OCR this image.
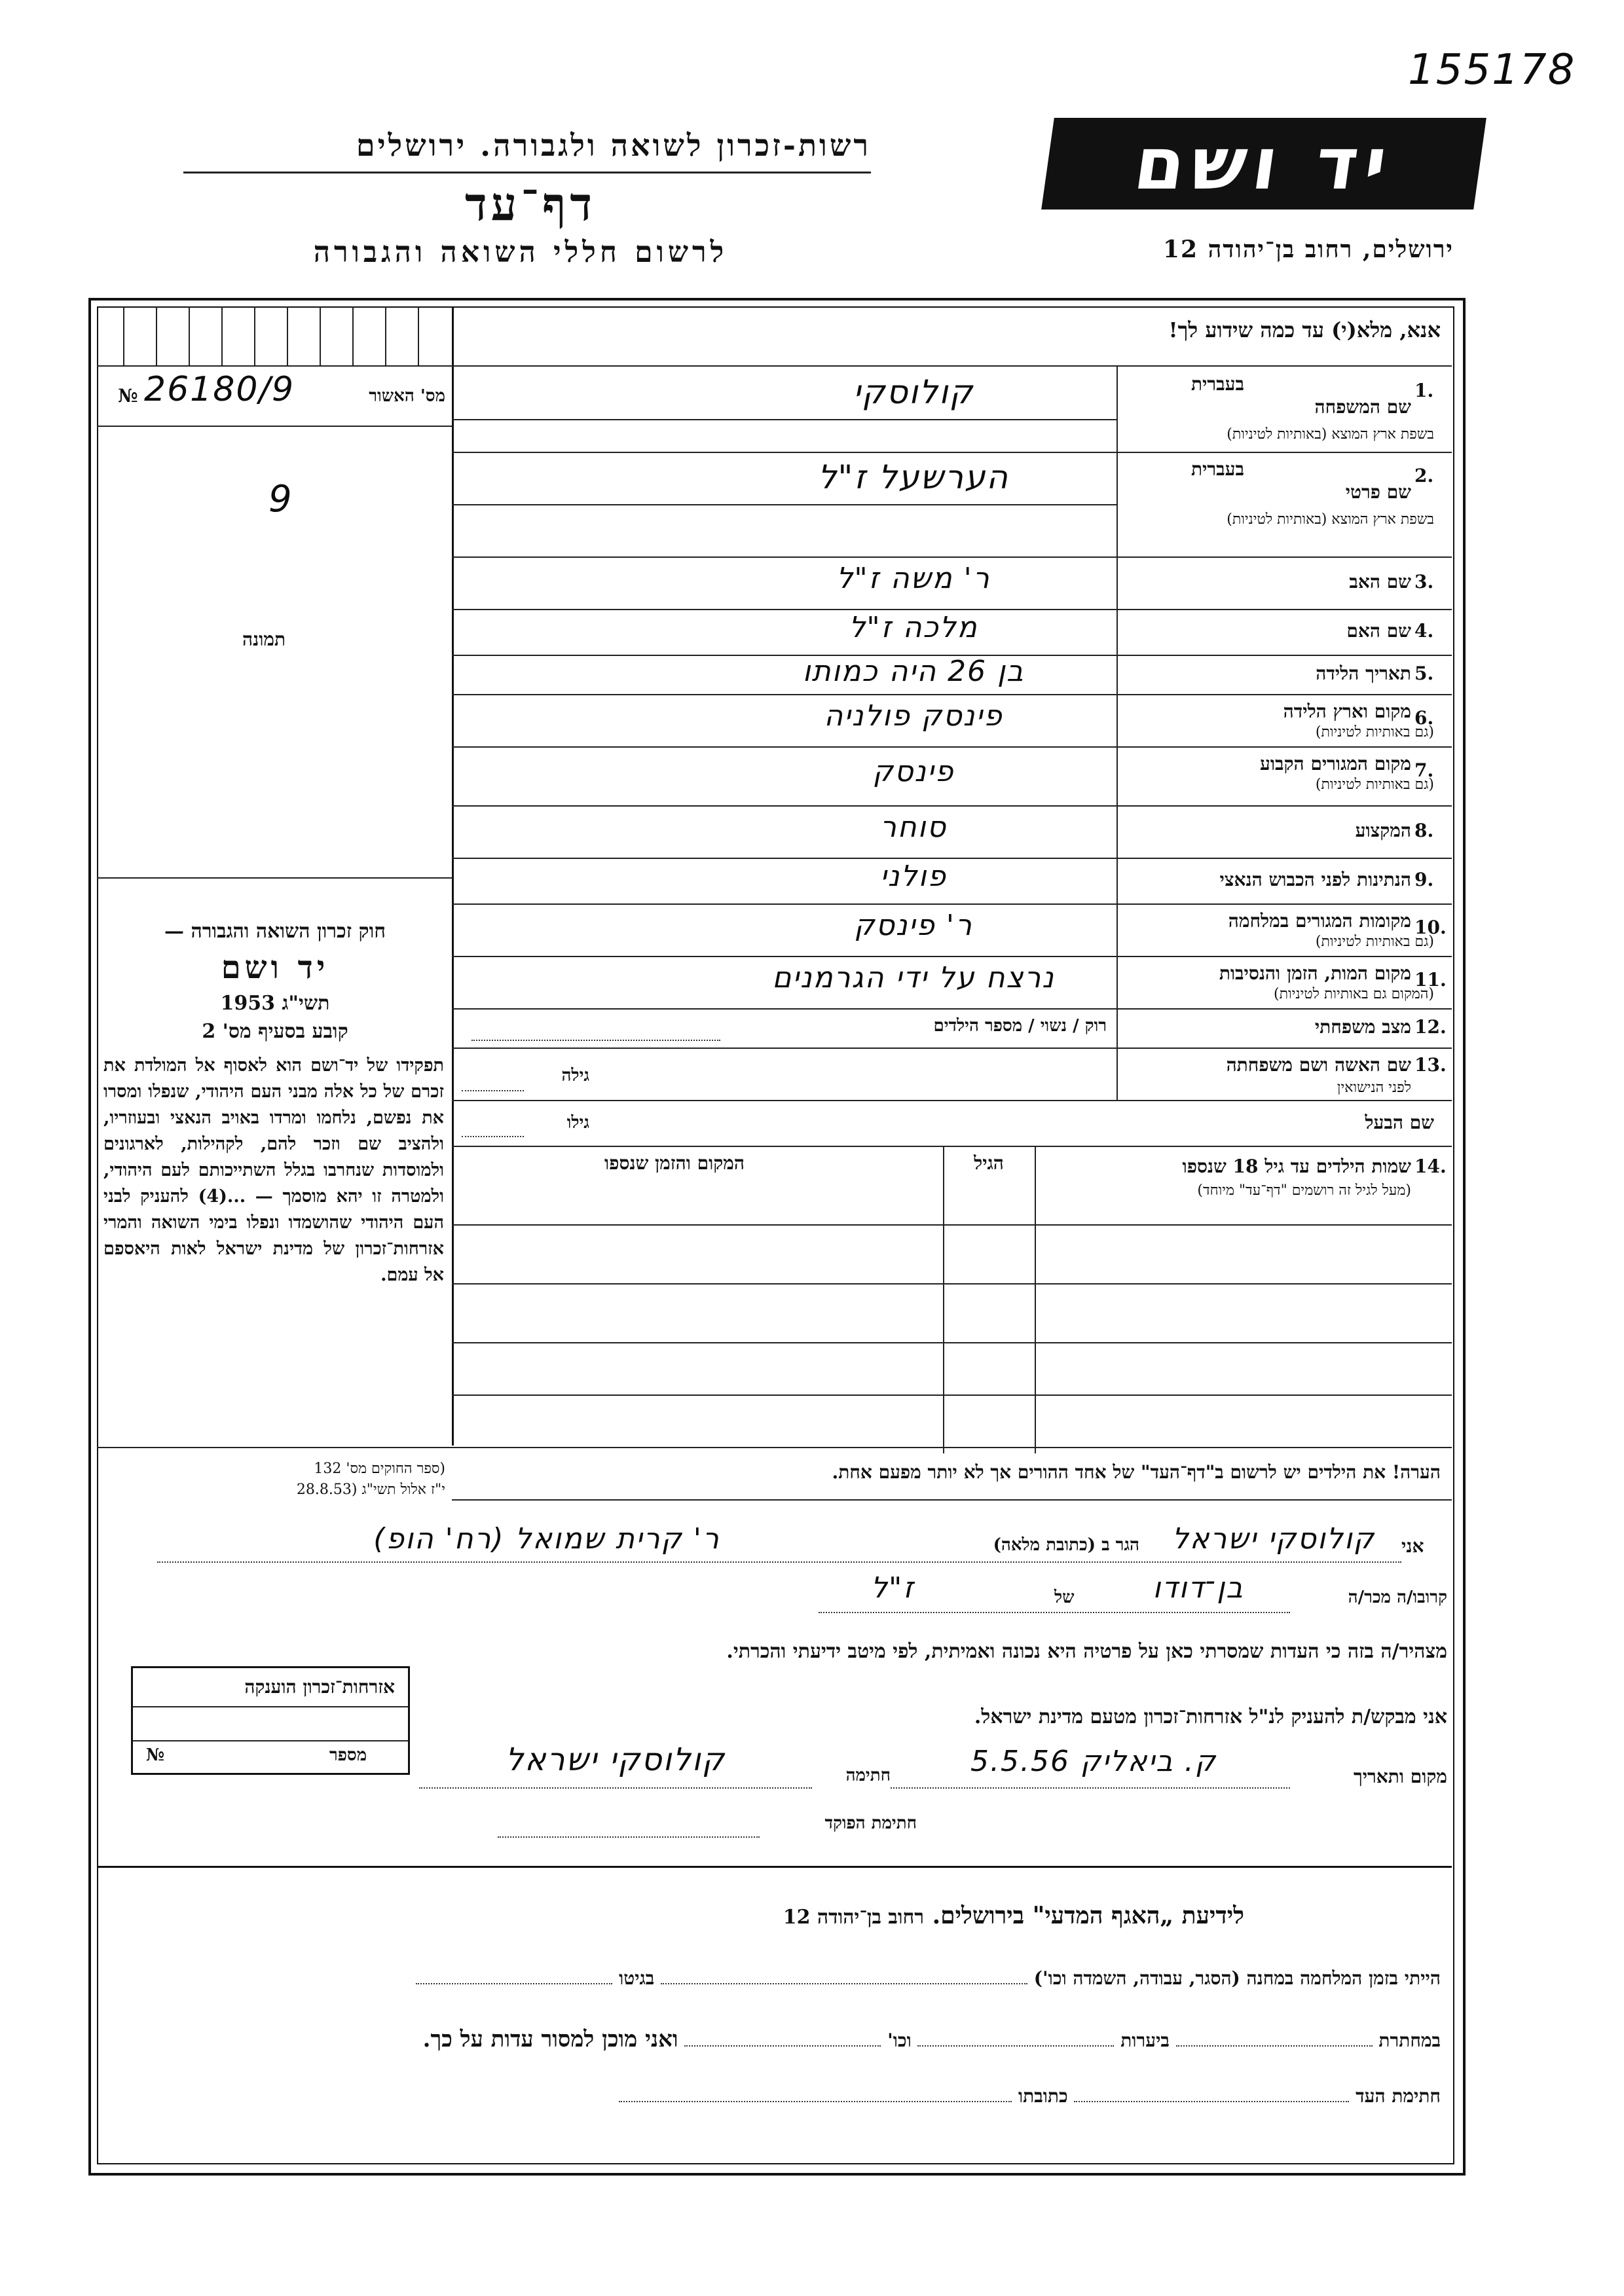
155178
רשות-זכרון לשואה ולגבורה. ירושלים
דף־עד
לרשום חללי השואה והגבורה
יד ושם
ירושלים, רחוב בן־יהודה 12
אנא, מלא(י) עד כמה שידוע לך!
מס' האשור
№ 26180/9
9
תמונה
1.
שם המשפחה
בעברית
בשפת ארץ המוצא (באותיות לטיניות)
קולוסקי
2.
שם פרטי
בעברית
בשפת ארץ המוצא (באותיות לטיניות)
הערשעל ז"ל
3.
שם האב
ר' משה ז"ל
4.
שם האם
מלכה ז"ל
5.
תאריך הלידה
בן 26 היה כמותו
6.
מקום וארץ הלידה
(גם באותיות לטיניות)
פינסק פולניה
7.
מקום המגורים הקבוע
(גם באותיות לטיניות)
פינסק
8.
המקצוע
סוחר
9.
הנתינות לפני הכבוש הנאצי
פולני
10.
מקומות המגורים במלחמה
(גם באותיות לטיניות)
ר' פינסק
11.
מקום המות, הזמן והנסיבות
(המקום גם באותיות לטיניות)
נרצח על ידי הגרמנים
מצב משפחתי 12.
רוק / נשוי / מספר הילדים
13.
שם האשה ושם משפחתה
לפני הנישואין
גילה
שם הבעל
גילו
14.
שמות הילדים עד גיל 18 שנספו
(מעל לגיל זה רושמים "דף־עד" מיוחד)
הגיל
המקום והזמן שנספו
חוק זכרון השואה והגבורה —
יד ושם
תשי"ג 1953
קובע בסעיף מס' 2
תפקידו של יד־ושם הוא לאסוף אל המולדת את זכרם של כל אלה מבני העם היהודי, שנפלו ומסרו את נפשם, נלחמו ומרדו באויב הנאצי ובעוזריו, ולהציב שם וזכר להם, לקהילות, לארגונים ולמוסדות שנחרבו בגלל השתייכותם לעם היהודי, ולמטרה זו יהא מוסמך — ...(4) להעניק לבני העם היהודי שהושמדו ונפלו בימי השואה והמרי אזרחות־זכרון של מדינת ישראל לאות היאספם אל עמם.
(ספר החוקים מס' 132
י"ז אלול תשי"ג (28.8.53
הערה! את הילדים יש לרשום ב"דף־העד" של אחד ההורים אך לא יותר מפעם אחת.
אני
קולוסקי ישראל
הגר ב (כתובת מלאה)
ר' קרית שמואל (רח' הופ)
קרובו/ה מכר/ה
בן־דודו
של
ז"ל
מצהיר/ה בזה כי העדות שמסרתי כאן על פרטיה היא נכונה ואמיתית, לפי מיטב ידיעתי והכרתי.
אני מבקש/ת להעניק לנ"ל אזרחות־זכרון מטעם מדינת ישראל.
מקום ותאריך
ק. ביאליק 5.5.56
חתימה
קולוסקי ישראל
חתימת הפוקד
אזרחות־זכרון הוענקה
מספר
№
לידיעת „האגף המדעי" בירושלים. רחוב בן־יהודה 12
הייתי בזמן המלחמה במחנה (הסגר, עבודה, השמדה וכו')  בגיטו
במחתרת  ביערות  וכו'  ואני מוכן למסור עדות על כך.
חתימת העד  כתובתו
